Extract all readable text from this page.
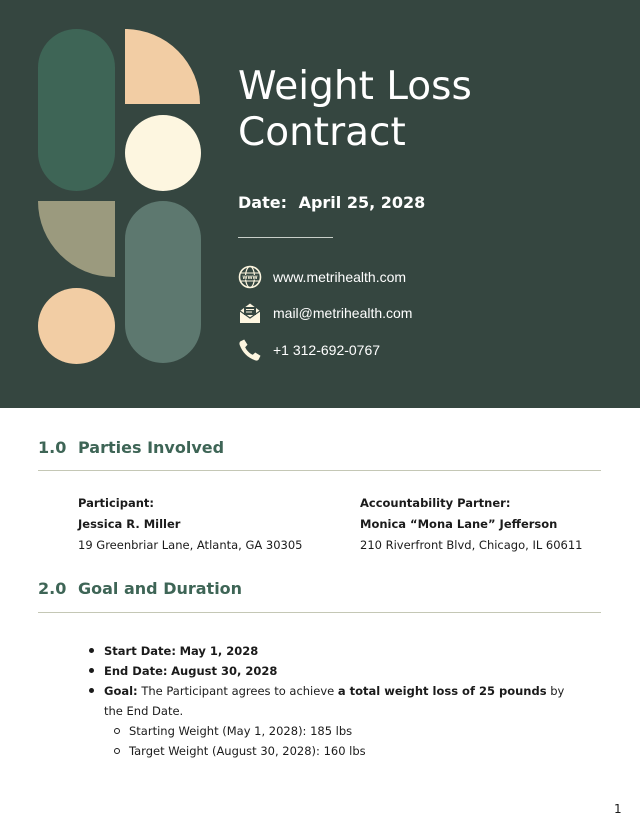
Weight Loss
Contract
Date: April 25, 2028
WWW www.metrihealth.com
mail@metrihealth.com
+1 312-692-0767
1.0 Parties Involved
Participant:
Jessica R. Miller
19 Greenbriar Lane, Atlanta, GA 30305
Accountability Partner:
Monica “Mona Lane” Jefferson
210 Riverfront Blvd, Chicago, IL 60611
2.0 Goal and Duration
Start Date: May 1, 2028
End Date: August 30, 2028
Goal: The Participant agrees to achieve a total weight loss of 25 pounds by the End Date.
Starting Weight (May 1, 2028): 185 lbs
Target Weight (August 30, 2028): 160 lbs
1
